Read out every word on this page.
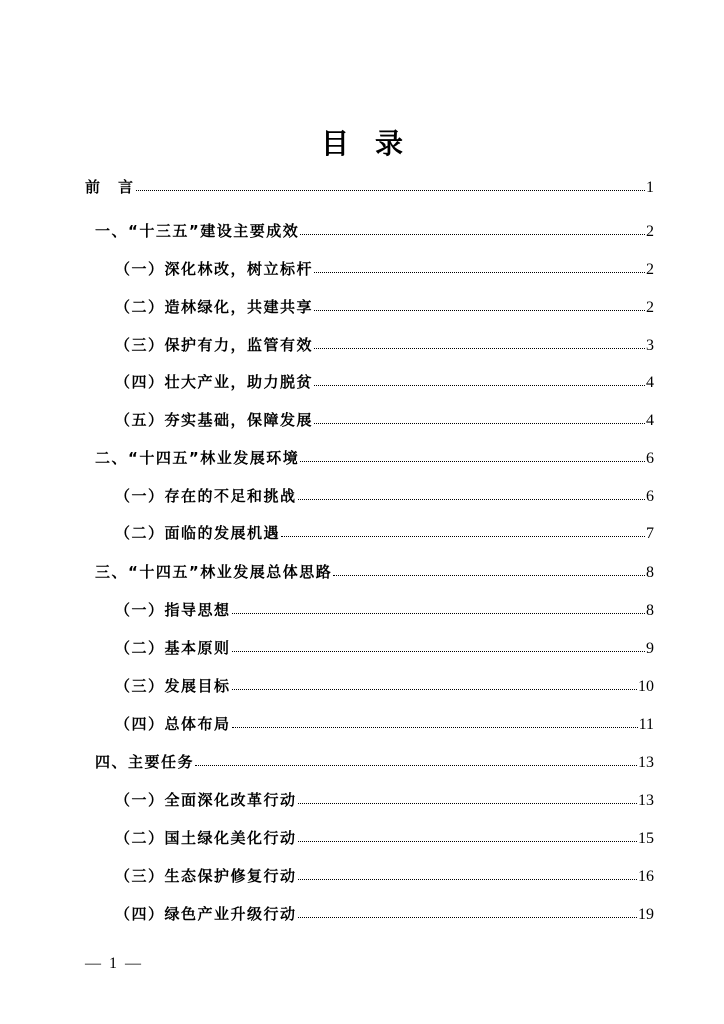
目录
前　言	1
一、“十三五”建设主要成效	2
（一）深化林改，树立标杆	2
（二）造林绿化，共建共享	2
（三）保护有力，监管有效	3
（四）壮大产业，助力脱贫	4
（五）夯实基础，保障发展	4
二、“十四五”林业发展环境	6
（一）存在的不足和挑战	6
（二）面临的发展机遇	7
三、“十四五”林业发展总体思路	8
（一）指导思想	8
（二）基本原则	9
（三）发展目标	10
（四）总体布局	11
四、主要任务	13
（一）全面深化改革行动	13
（二）国土绿化美化行动	15
（三）生态保护修复行动	16
（四）绿色产业升级行动	19
— 1 —
